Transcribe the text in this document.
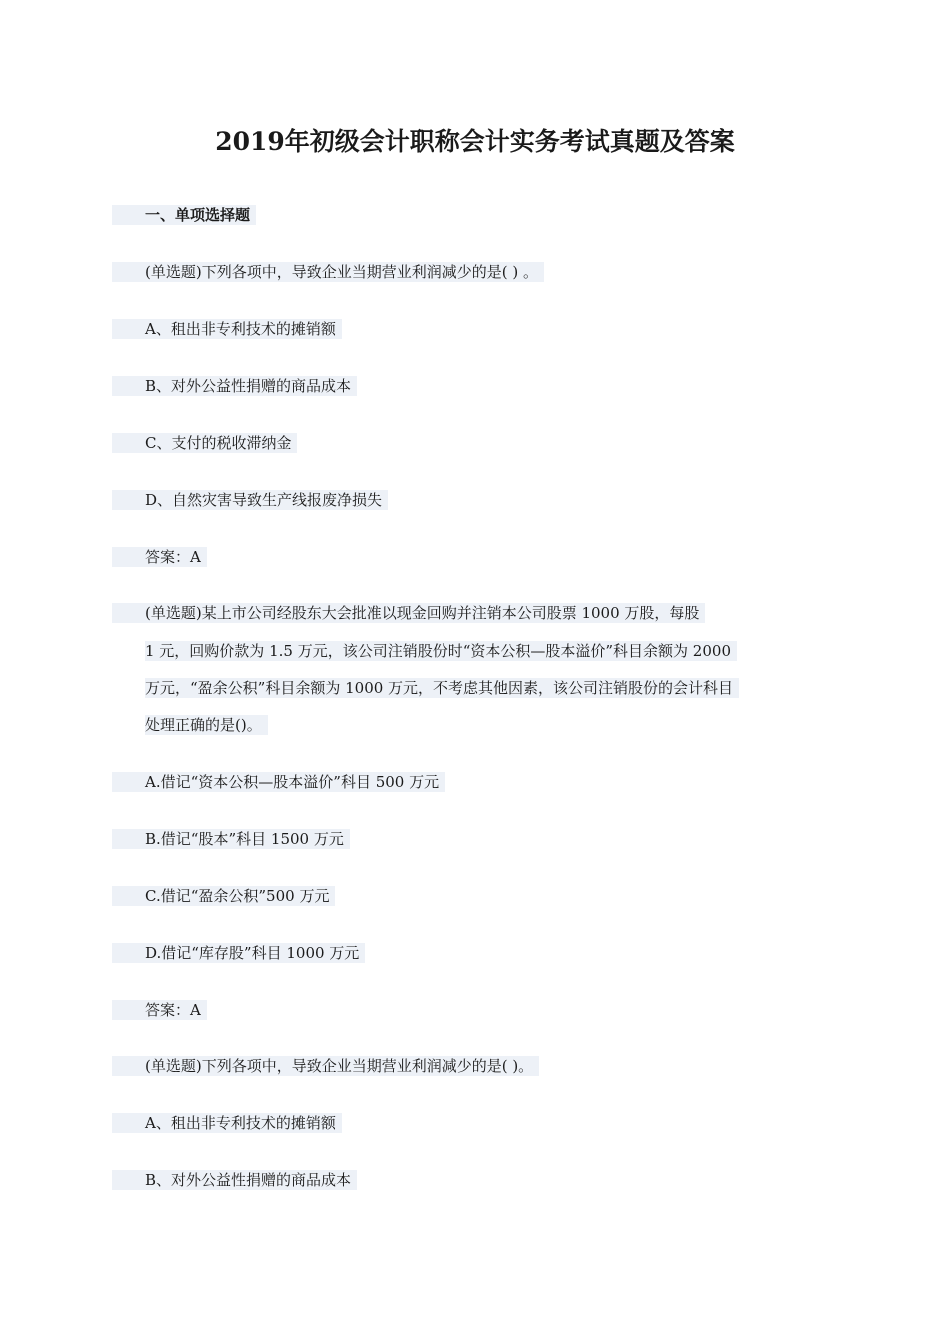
2019年初级会计职称会计实务考试真题及答案
一、单项选择题
(单选题)下列各项中，导致企业当期营业利润减少的是( ) 。
A、租出非专利技术的摊销额
B、对外公益性捐赠的商品成本
C、支付的税收滞纳金
D、自然灾害导致生产线报废净损失
答案：A
(单选题)某上市公司经股东大会批准以现金回购并注销本公司股票 1000 万股，每股
1 元，回购价款为 1.5 万元，该公司注销股份时“资本公积—股本溢价”科目余额为 2000
万元，“盈余公积”科目余额为 1000 万元，不考虑其他因素，该公司注销股份的会计科目
处理正确的是()。
A.借记“资本公积—股本溢价”科目 500 万元
B.借记“股本”科目 1500 万元
C.借记“盈余公积”500 万元
D.借记“库存股”科目 1000 万元
答案：A
(单选题)下列各项中，导致企业当期营业利润减少的是( )。
A、租出非专利技术的摊销额
B、对外公益性捐赠的商品成本
